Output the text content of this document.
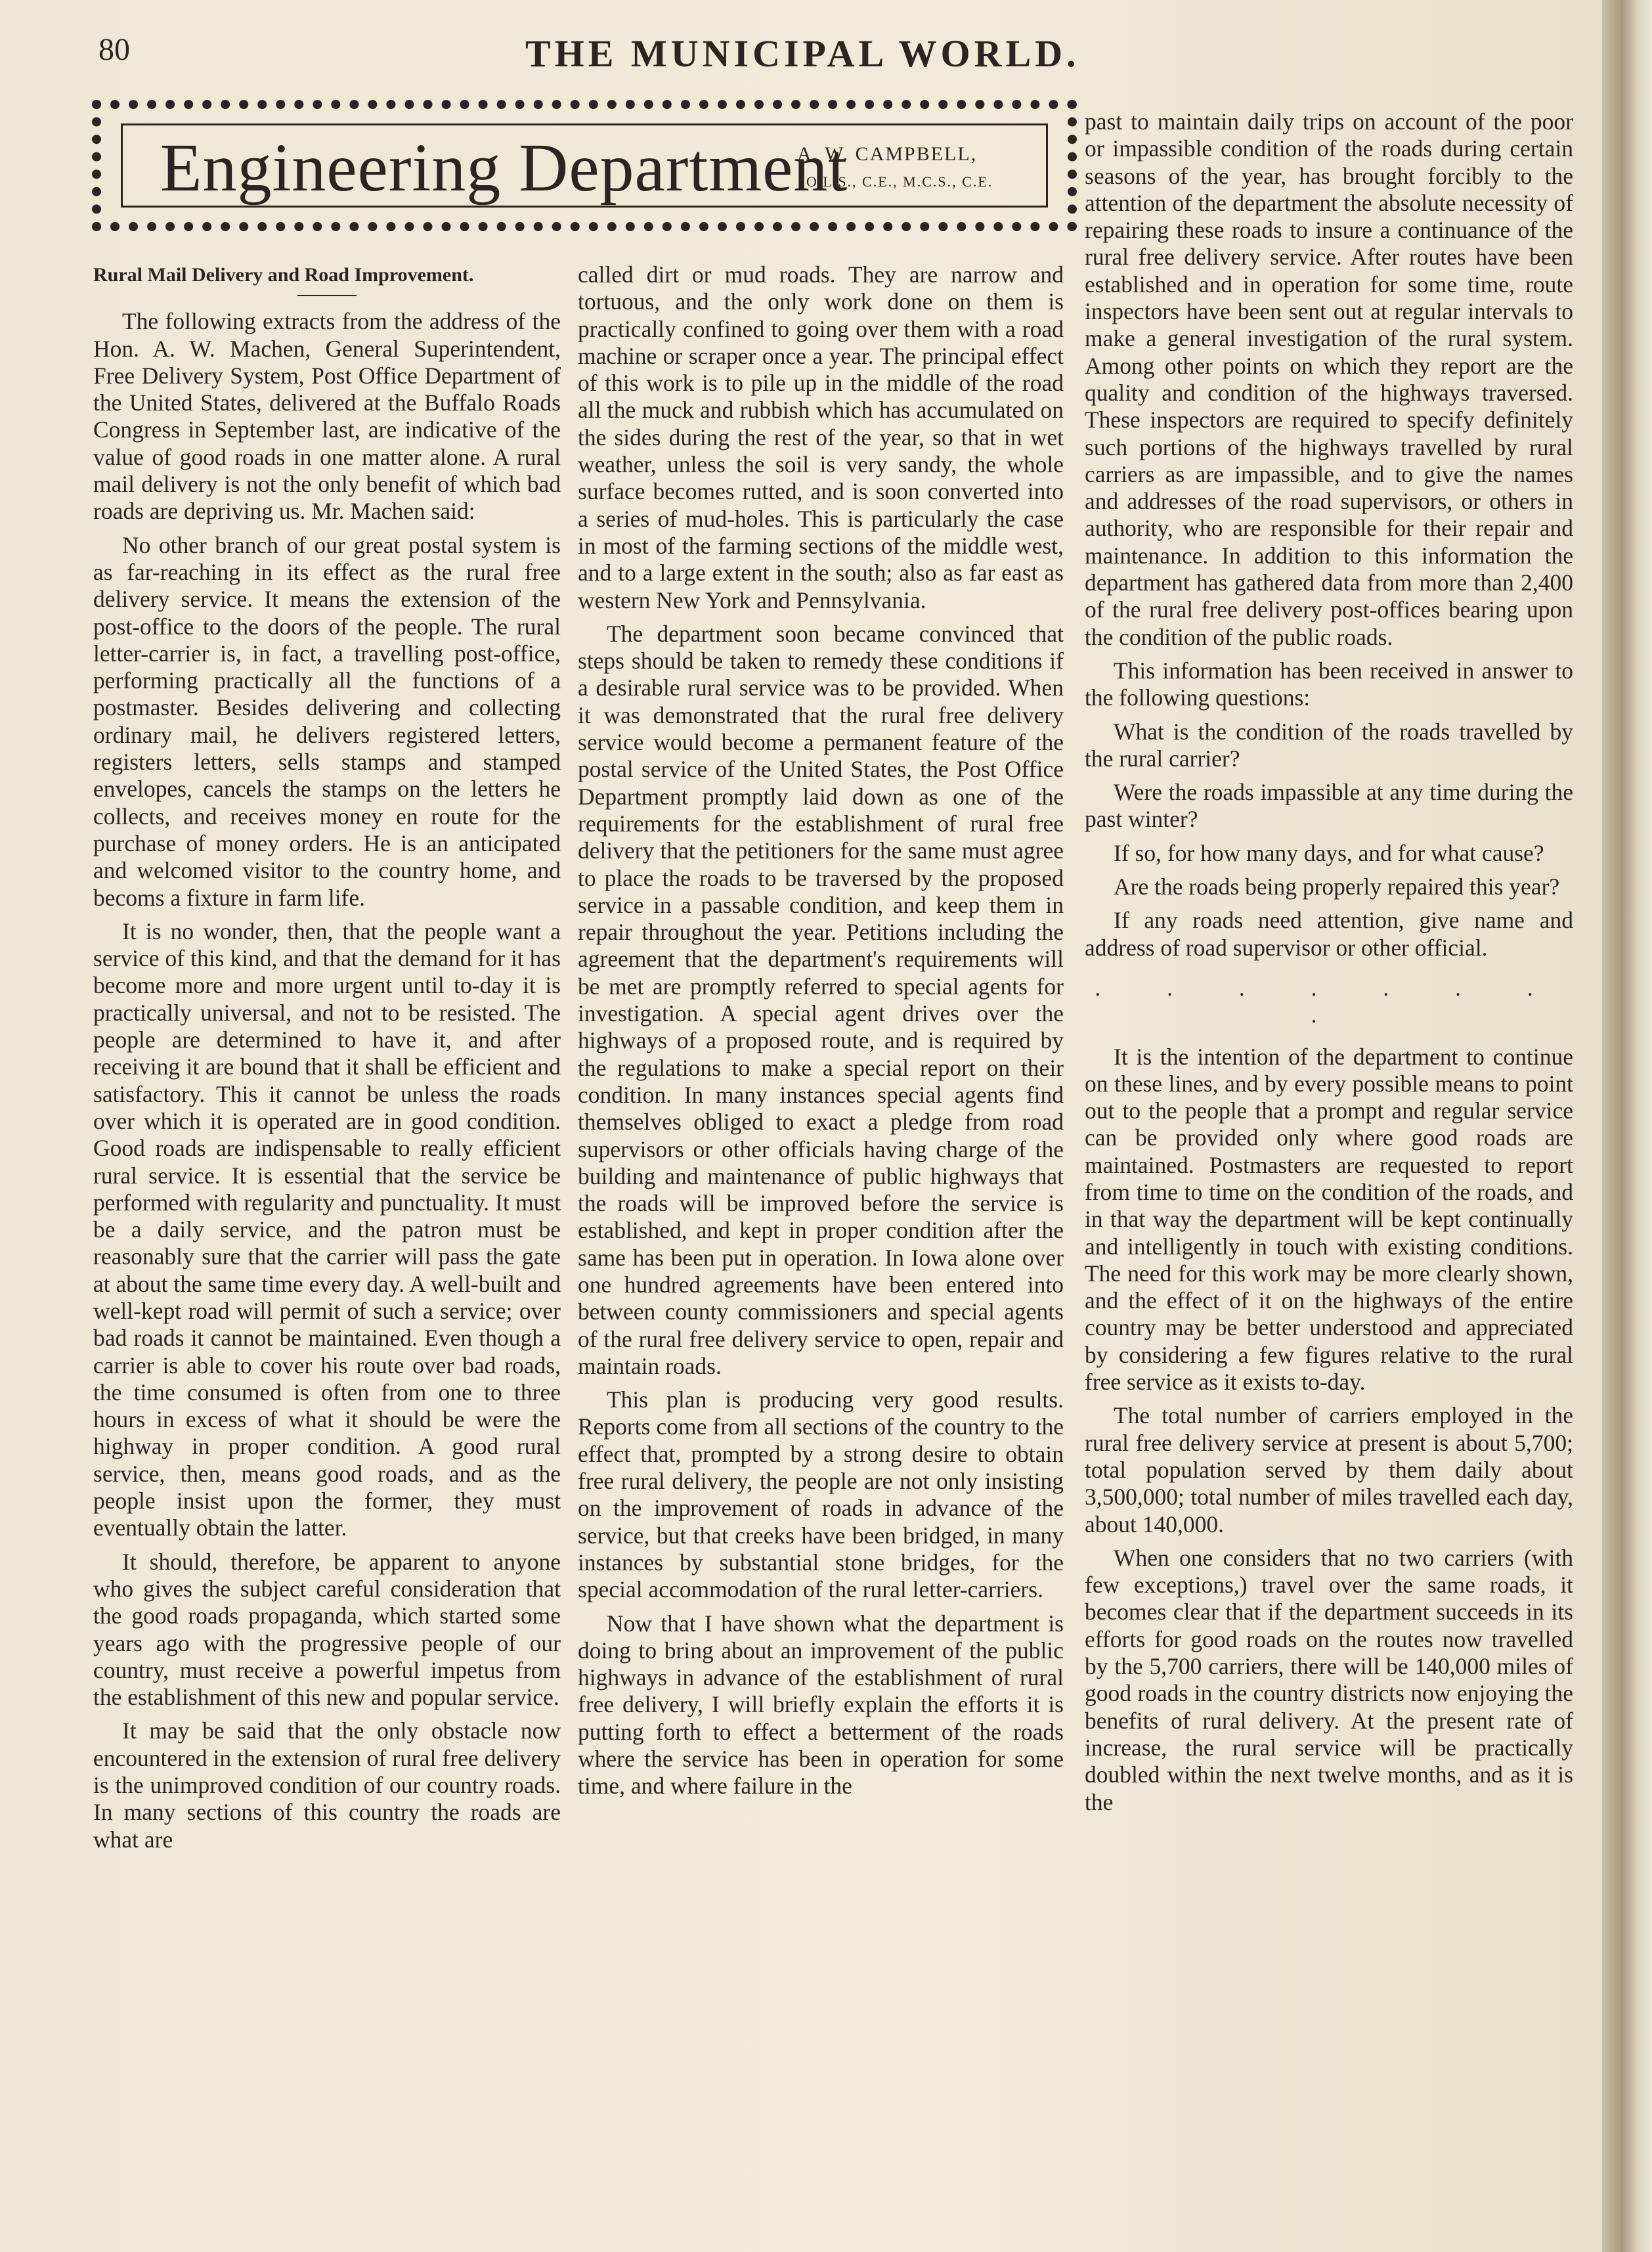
80	THE MUNICIPAL WORLD.
Engineering Department
A. W. CAMPBELL,
O.L.S., C.E., M.C.S., C.E.

Rural Mail Delivery and Road Improvement.

The following extracts from the address of the Hon. A. W. Machen, General Superintendent, Free Delivery System, Post Office Department of the United States, delivered at the Buffalo Roads Congress in September last, are indicative of the value of good roads in one matter alone. A rural mail delivery is not the only benefit of which bad roads are depriving us. Mr. Machen said:

No other branch of our great postal system is as far-reaching in its effect as the rural free delivery service. It means the extension of the post-office to the doors of the people. The rural letter-carrier is, in fact, a travelling post-office, performing practically all the functions of a postmaster. Besides delivering and collecting ordinary mail, he delivers registered letters, registers letters, sells stamps and stamped envelopes, cancels the stamps on the letters he collects, and receives money en route for the purchase of money orders. He is an anticipated and welcomed visitor to the country home, and becoms a fixture in farm life.

It is no wonder, then, that the people want a service of this kind, and that the demand for it has become more and more urgent until to-day it is practically universal, and not to be resisted. The people are determined to have it, and after receiving it are bound that it shall be efficient and satisfactory. This it cannot be unless the roads over which it is operated are in good condition. Good roads are indispensable to really efficient rural service. It is essential that the service be performed with regularity and punctuality. It must be a daily service, and the patron must be reasonably sure that the carrier will pass the gate at about the same time every day. A well-built and well-kept road will permit of such a service; over bad roads it cannot be maintained. Even though a carrier is able to cover his route over bad roads, the time consumed is often from one to three hours in excess of what it should be were the highway in proper condition. A good rural service, then, means good roads, and as the people insist upon the former, they must eventually obtain the latter.

It should, therefore, be apparent to anyone who gives the subject careful consideration that the good roads propaganda, which started some years ago with the progressive people of our country, must receive a powerful impetus from the establishment of this new and popular service.

It may be said that the only obstacle now encountered in the extension of rural free delivery is the unimproved condition of our country roads. In many sections of this country the roads are what are

called dirt or mud roads. They are narrow and tortuous, and the only work done on them is practically confined to going over them with a road machine or scraper once a year. The principal effect of this work is to pile up in the middle of the road all the muck and rubbish which has accumulated on the sides during the rest of the year, so that in wet weather, unless the soil is very sandy, the whole surface becomes rutted, and is soon converted into a series of mud-holes. This is particularly the case in most of the farming sections of the middle west, and to a large extent in the south; also as far east as western New York and Pennsylvania.

The department soon became convinced that steps should be taken to remedy these conditions if a desirable rural service was to be provided. When it was demonstrated that the rural free delivery service would become a permanent feature of the postal service of the United States, the Post Office Department promptly laid down as one of the requirements for the establishment of rural free delivery that the petitioners for the same must agree to place the roads to be traversed by the proposed service in a passable condition, and keep them in repair throughout the year. Petitions including the agreement that the department's requirements will be met are promptly referred to special agents for investigation. A special agent drives over the highways of a proposed route, and is required by the regulations to make a special report on their condition. In many instances special agents find themselves obliged to exact a pledge from road supervisors or other officials having charge of the building and maintenance of public highways that the roads will be improved before the service is established, and kept in proper condition after the same has been put in operation. In Iowa alone over one hundred agreements have been entered into between county commissioners and special agents of the rural free delivery service to open, repair and maintain roads.

This plan is producing very good results. Reports come from all sections of the country to the effect that, prompted by a strong desire to obtain free rural delivery, the people are not only insisting on the improvement of roads in advance of the service, but that creeks have been bridged, in many instances by substantial stone bridges, for the special accommodation of the rural letter-carriers.

Now that I have shown what the department is doing to bring about an improvement of the public highways in advance of the establishment of rural free delivery, I will briefly explain the efforts it is putting forth to effect a betterment of the roads where the service has been in operation for some time, and where failure in the

past to maintain daily trips on account of the poor or impassible condition of the roads during certain seasons of the year, has brought forcibly to the attention of the department the absolute necessity of repairing these roads to insure a continuance of the rural free delivery service. After routes have been established and in operation for some time, route inspectors have been sent out at regular intervals to make a general investigation of the rural system. Among other points on which they report are the quality and condition of the highways traversed. These inspectors are required to specify definitely such portions of the highways travelled by rural carriers as are impassible, and to give the names and addresses of the road supervisors, or others in authority, who are responsible for their repair and maintenance. In addition to this information the department has gathered data from more than 2,400 of the rural free delivery post-offices bearing upon the condition of the public roads.

This information has been received in answer to the following questions:

What is the condition of the roads travelled by the rural carrier?

Were the roads impassible at any time during the past winter?

If so, for how many days, and for what cause?

Are the roads being properly repaired this year?

If any roads need attention, give name and address of road supervisor or other official.

. . . . . . . .

It is the intention of the department to continue on these lines, and by every possible means to point out to the people that a prompt and regular service can be provided only where good roads are maintained. Postmasters are requested to report from time to time on the condition of the roads, and in that way the department will be kept continually and intelligently in touch with existing conditions. The need for this work may be more clearly shown, and the effect of it on the highways of the entire country may be better understood and appreciated by considering a few figures relative to the rural free service as it exists to-day.

The total number of carriers employed in the rural free delivery service at present is about 5,700; total population served by them daily about 3,500,000; total number of miles travelled each day, about 140,000.

When one considers that no two carriers (with few exceptions,) travel over the same roads, it becomes clear that if the department succeeds in its efforts for good roads on the routes now travelled by the 5,700 carriers, there will be 140,000 miles of good roads in the country districts now enjoying the benefits of rural delivery. At the present rate of increase, the rural service will be practically doubled within the next twelve months, and as it is the
